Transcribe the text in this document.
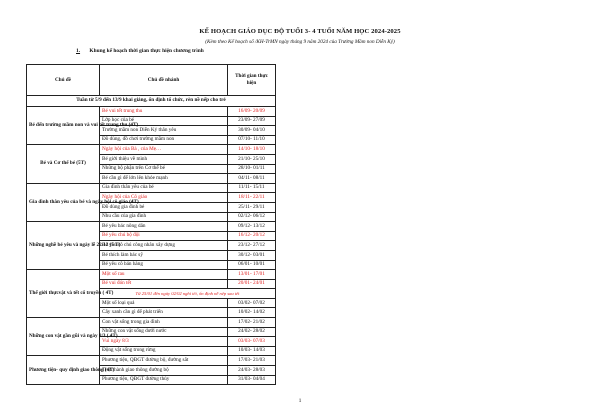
KẾ HOẠCH GIÁO DỤC ĐỘ TUỔI 3- 4 TUỔI NĂM HỌC 2024-2025
(Kèm theo Kế hoạch số /KH-TrMN ngày tháng 9 năm 2024 của Trường Mầm non Diễn Kỷ)
1. Khung kế hoạch thời gian thực hiện chương trình
Chủ đề	Chủ đề nhánh	Thời gian thực hiện	
Tuần từ 5/9 đến 13/9 khai giảng, ổn định tổ chức, rèn nề nếp cho trẻ			
Bé đến trường mầm non và vui tết trung thu (4T)	Bé vui tết trung thu	16/09- 20/09	
	Lớp học của bé	23/09- 27/09	
	Trường mầm non Diễn Kỷ thân yêu	30/09- 04/10	
	Đồ dùng, đồ chơi trường mầm non	07/10- 11/10	
Bé và Cơ thể bé (5T)	Ngày hội của Bà , của Mẹ…	14/10- 18/10	
	Bé giới thiệu về mình	21/10- 25/10	
	Những bộ phận trên Cơ thể bé	28/10- 01/11	
	Bé cần gì để lớn lên khỏe mạnh	04/11- 08/11	
Gia đình thân yêu của bé và ngày hội cô giáo (4T)	Gia đình thân yêu của bé	11/11- 15/11	
	Ngày hội của Cô giáo	18/11- 22/11	
	Đồ dùng gia đình bé	25/11- 29/11	
	Nhu cầu của gia đình	02/12- 06/12	
Những nghề bé yêu và ngày lễ 22/12 (5 T)	Bé yêu bác nông dân	09/12- 13/12	
	Bé yêu chú bộ đội	16/12- 20/12	
	Bé yêu cô chú công nhân xây dựng	23/12- 27/12	
	Bé thích làm bác sỹ	30/12- 03/01	
	Bé yêu cô bán hàng	06/01- 10/01	
Thế giới thựcvật và tết cổ truyền ( 4T)	Một số rau	13/01- 17/01	
	Bé vui đón tết	20/01- 24/01	
	Từ 25/01 đến ngày 02/02 nghỉ tết, ổn định nề nếp sau tết		
	Một số loại quả	03/02- 07/02	
	Cây xanh cần gì để phát triển	10/02- 14/02	
Những con vật gần gũi và ngày 8/3 ( 4T)	Con vật sống trong gia đình	17/02- 21/02	
	Những con vật sống dưới nước	24/02- 28/02	
	Vui ngày 8/3	03/03- 07/03	
	Động vật sống trong rừng	10/03- 14/03	
Phương tiện- quy định giao thông (4T)	Phương tiện, QĐGT đường bộ, đường sắt	17/03- 21/03	
	Thực hành giao thông đường bộ	24/03- 28/03	
	Phương tiện, QĐGT đường thủy	31/03- 04/04	
1
